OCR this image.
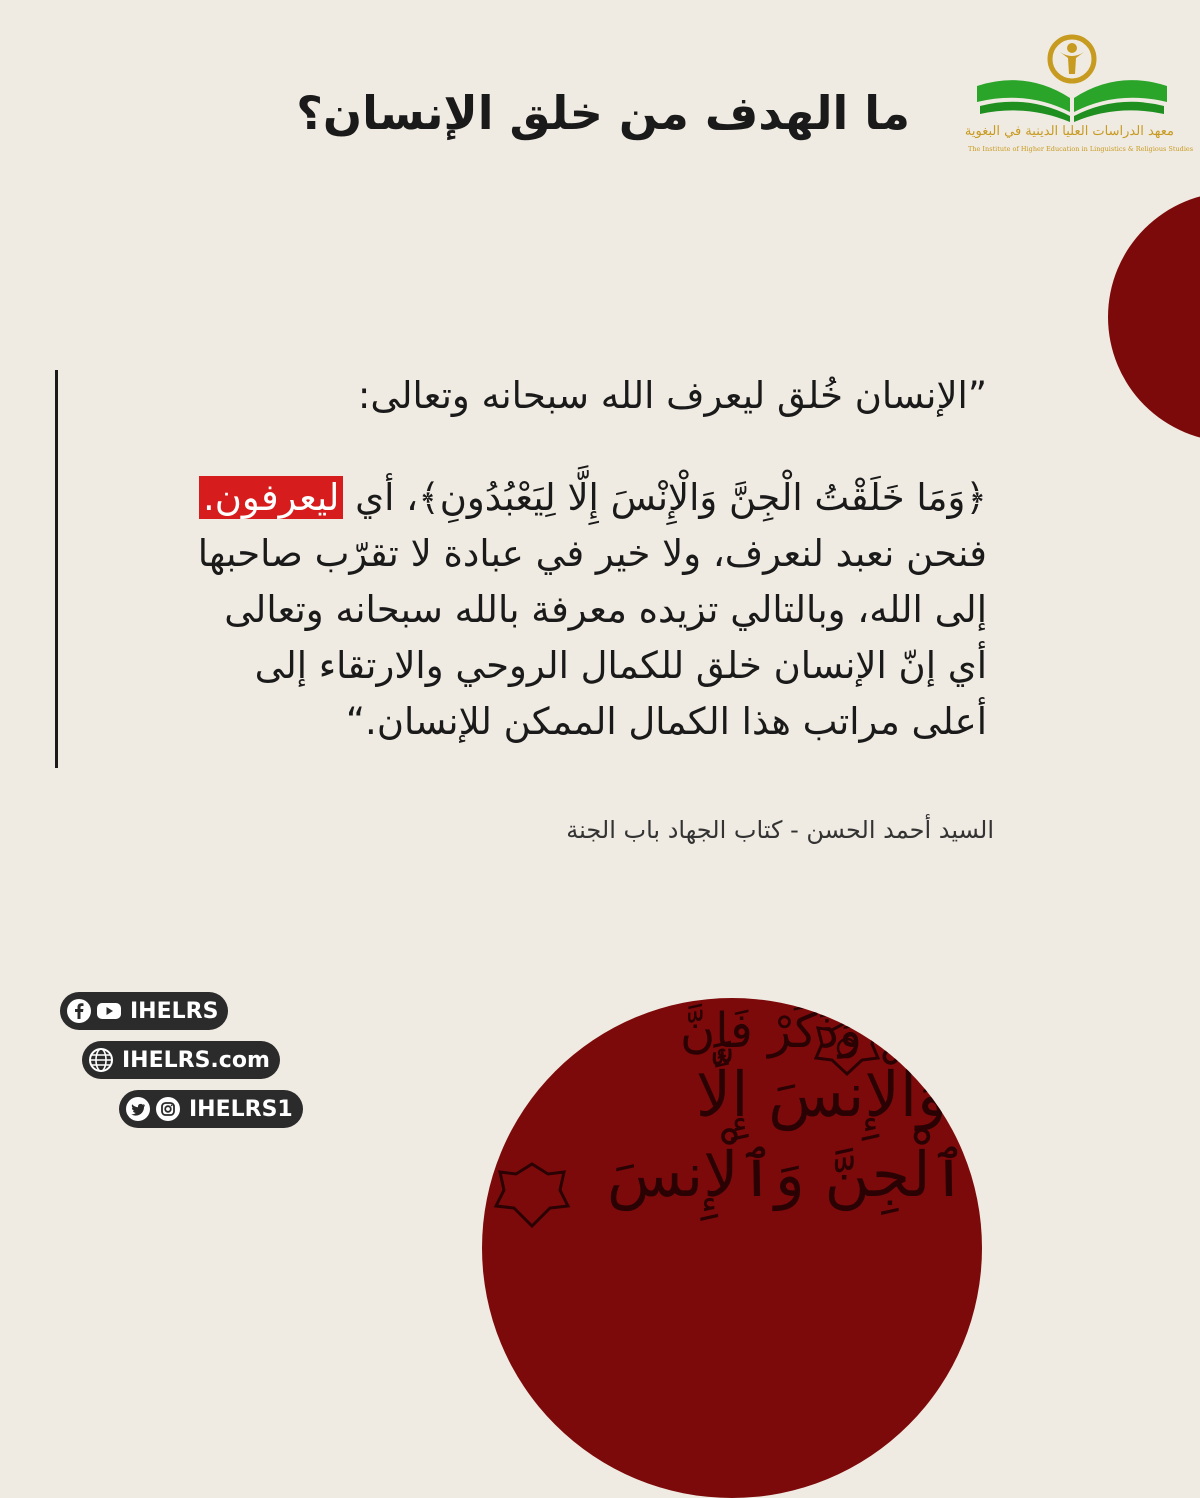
معهد الدراسات العليا الدينية في البغوية
The Institute of Higher Education in Linguistics & Religious Studies
ما الهدف من خلق الإنسان؟
”الإنسان خُلق ليعرف الله سبحانه وتعالى:
﴿وَمَا خَلَقْتُ الْجِنَّ وَالْإِنْسَ إِلَّا لِيَعْبُدُونِ﴾، أي ليعرفون.
فنحن نعبد لنعرف، ولا خير في عبادة لا تقرّب صاحبها
إلى الله، وبالتالي تزيده معرفة بالله سبحانه وتعالى
أي إنّ الإنسان خلق للكمال الروحي والارتقاء إلى
أعلى مراتب هذا الكمال الممكن للإنسان.“
السيد أحمد الحسن - كتاب الجهاد باب الجنة
IHELRS
IHELRS.com
IHELRS1
وَذَكِّرْ فَإِنَّ
وَالْإِنسَ إِلَّا
ٱلْجِنَّ وَٱلْإِنسَ
